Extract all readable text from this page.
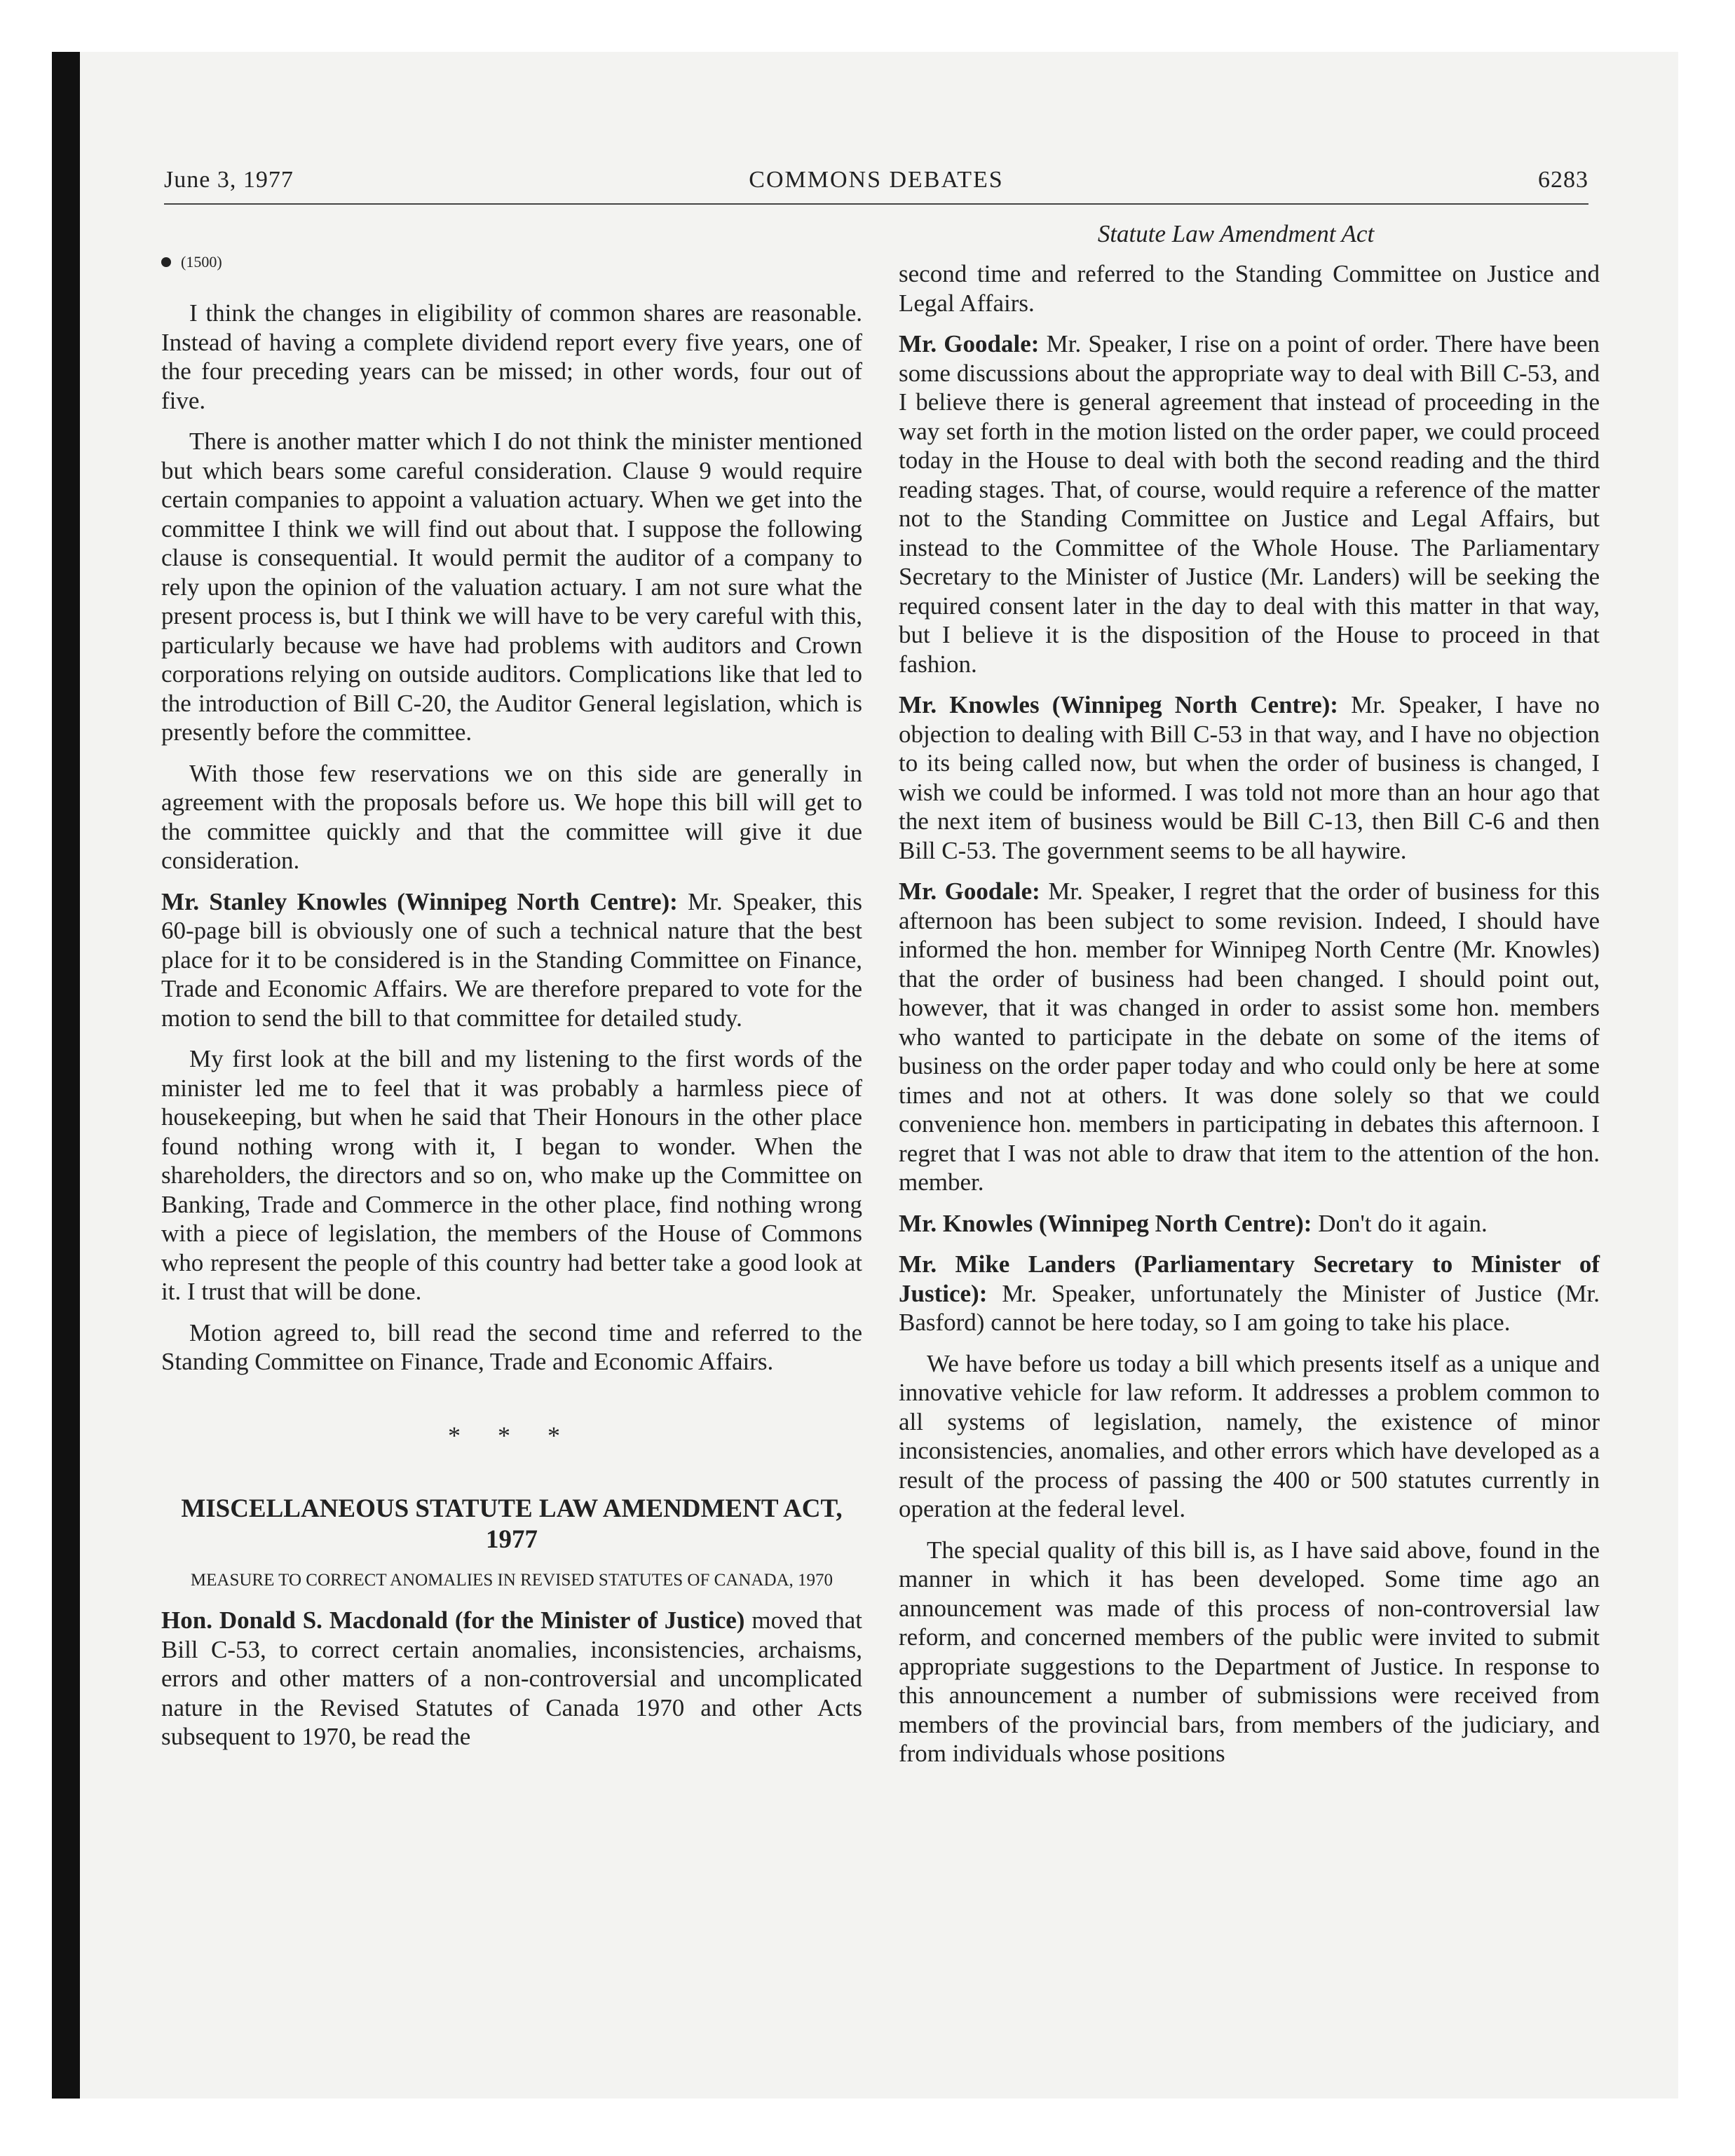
June 3, 1977	COMMONS DEBATES	6283
Statute Law Amendment Act
(1500)

I think the changes in eligibility of common shares are reasonable. Instead of having a complete dividend report every five years, one of the four preceding years can be missed; in other words, four out of five.

There is another matter which I do not think the minister mentioned but which bears some careful consideration. Clause 9 would require certain companies to appoint a valuation actuary. When we get into the committee I think we will find out about that. I suppose the following clause is consequential. It would permit the auditor of a company to rely upon the opinion of the valuation actuary. I am not sure what the present process is, but I think we will have to be very careful with this, particularly because we have had problems with auditors and Crown corporations relying on outside auditors. Complications like that led to the introduction of Bill C-20, the Auditor General legislation, which is presently before the committee.

With those few reservations we on this side are generally in agreement with the proposals before us. We hope this bill will get to the committee quickly and that the committee will give it due consideration.

Mr. Stanley Knowles (Winnipeg North Centre): Mr. Speaker, this 60-page bill is obviously one of such a technical nature that the best place for it to be considered is in the Standing Committee on Finance, Trade and Economic Affairs. We are therefore prepared to vote for the motion to send the bill to that committee for detailed study.

My first look at the bill and my listening to the first words of the minister led me to feel that it was probably a harmless piece of housekeeping, but when he said that Their Honours in the other place found nothing wrong with it, I began to wonder. When the shareholders, the directors and so on, who make up the Committee on Banking, Trade and Commerce in the other place, find nothing wrong with a piece of legislation, the members of the House of Commons who represent the people of this country had better take a good look at it. I trust that will be done.

Motion agreed to, bill read the second time and referred to the Standing Committee on Finance, Trade and Economic Affairs.

* * *
MISCELLANEOUS STATUTE LAW AMENDMENT ACT, 1977
MEASURE TO CORRECT ANOMALIES IN REVISED STATUTES OF CANADA, 1970

Hon. Donald S. Macdonald (for the Minister of Justice) moved that Bill C-53, to correct certain anomalies, inconsistencies, archaisms, errors and other matters of a non-controversial and uncomplicated nature in the Revised Statutes of Canada 1970 and other Acts subsequent to 1970, be read the

second time and referred to the Standing Committee on Justice and Legal Affairs.

Mr. Goodale: Mr. Speaker, I rise on a point of order. There have been some discussions about the appropriate way to deal with Bill C-53, and I believe there is general agreement that instead of proceeding in the way set forth in the motion listed on the order paper, we could proceed today in the House to deal with both the second reading and the third reading stages. That, of course, would require a reference of the matter not to the Standing Committee on Justice and Legal Affairs, but instead to the Committee of the Whole House. The Parliamentary Secretary to the Minister of Justice (Mr. Landers) will be seeking the required consent later in the day to deal with this matter in that way, but I believe it is the disposition of the House to proceed in that fashion.

Mr. Knowles (Winnipeg North Centre): Mr. Speaker, I have no objection to dealing with Bill C-53 in that way, and I have no objection to its being called now, but when the order of business is changed, I wish we could be informed. I was told not more than an hour ago that the next item of business would be Bill C-13, then Bill C-6 and then Bill C-53. The government seems to be all haywire.

Mr. Goodale: Mr. Speaker, I regret that the order of business for this afternoon has been subject to some revision. Indeed, I should have informed the hon. member for Winnipeg North Centre (Mr. Knowles) that the order of business had been changed. I should point out, however, that it was changed in order to assist some hon. members who wanted to participate in the debate on some of the items of business on the order paper today and who could only be here at some times and not at others. It was done solely so that we could convenience hon. members in participating in debates this afternoon. I regret that I was not able to draw that item to the attention of the hon. member.

Mr. Knowles (Winnipeg North Centre): Don't do it again.

Mr. Mike Landers (Parliamentary Secretary to Minister of Justice): Mr. Speaker, unfortunately the Minister of Justice (Mr. Basford) cannot be here today, so I am going to take his place.

We have before us today a bill which presents itself as a unique and innovative vehicle for law reform. It addresses a problem common to all systems of legislation, namely, the existence of minor inconsistencies, anomalies, and other errors which have developed as a result of the process of passing the 400 or 500 statutes currently in operation at the federal level.

The special quality of this bill is, as I have said above, found in the manner in which it has been developed. Some time ago an announcement was made of this process of non-controversial law reform, and concerned members of the public were invited to submit appropriate suggestions to the Department of Justice. In response to this announcement a number of submissions were received from members of the provincial bars, from members of the judiciary, and from individuals whose positions
